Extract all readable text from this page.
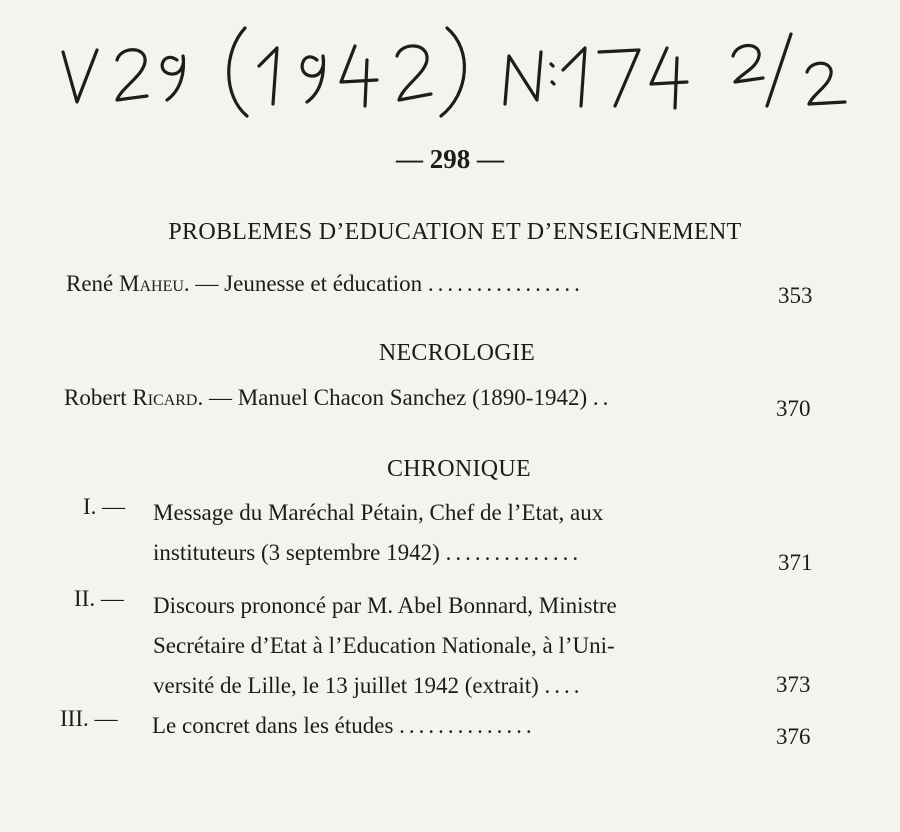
— 298 —
PROBLEMES D’EDUCATION ET D’ENSEIGNEMENT
René Maheu. — Jeunesse et éducation ................	353
NECROLOGIE
Robert Ricard. — Manuel Chacon Sanchez (1890-1942) ..	370
CHRONIQUE
I. — Message du Maréchal Pétain, Chef de l’Etat, aux
instituteurs (3 septembre 1942) ..............	371
II. — Discours prononcé par M. Abel Bonnard, Ministre
Secrétaire d’Etat à l’Education Nationale, à l’Uni-
versité de Lille, le 13 juillet 1942 (extrait) ....	373
III. — Le concret dans les études ..............	376
